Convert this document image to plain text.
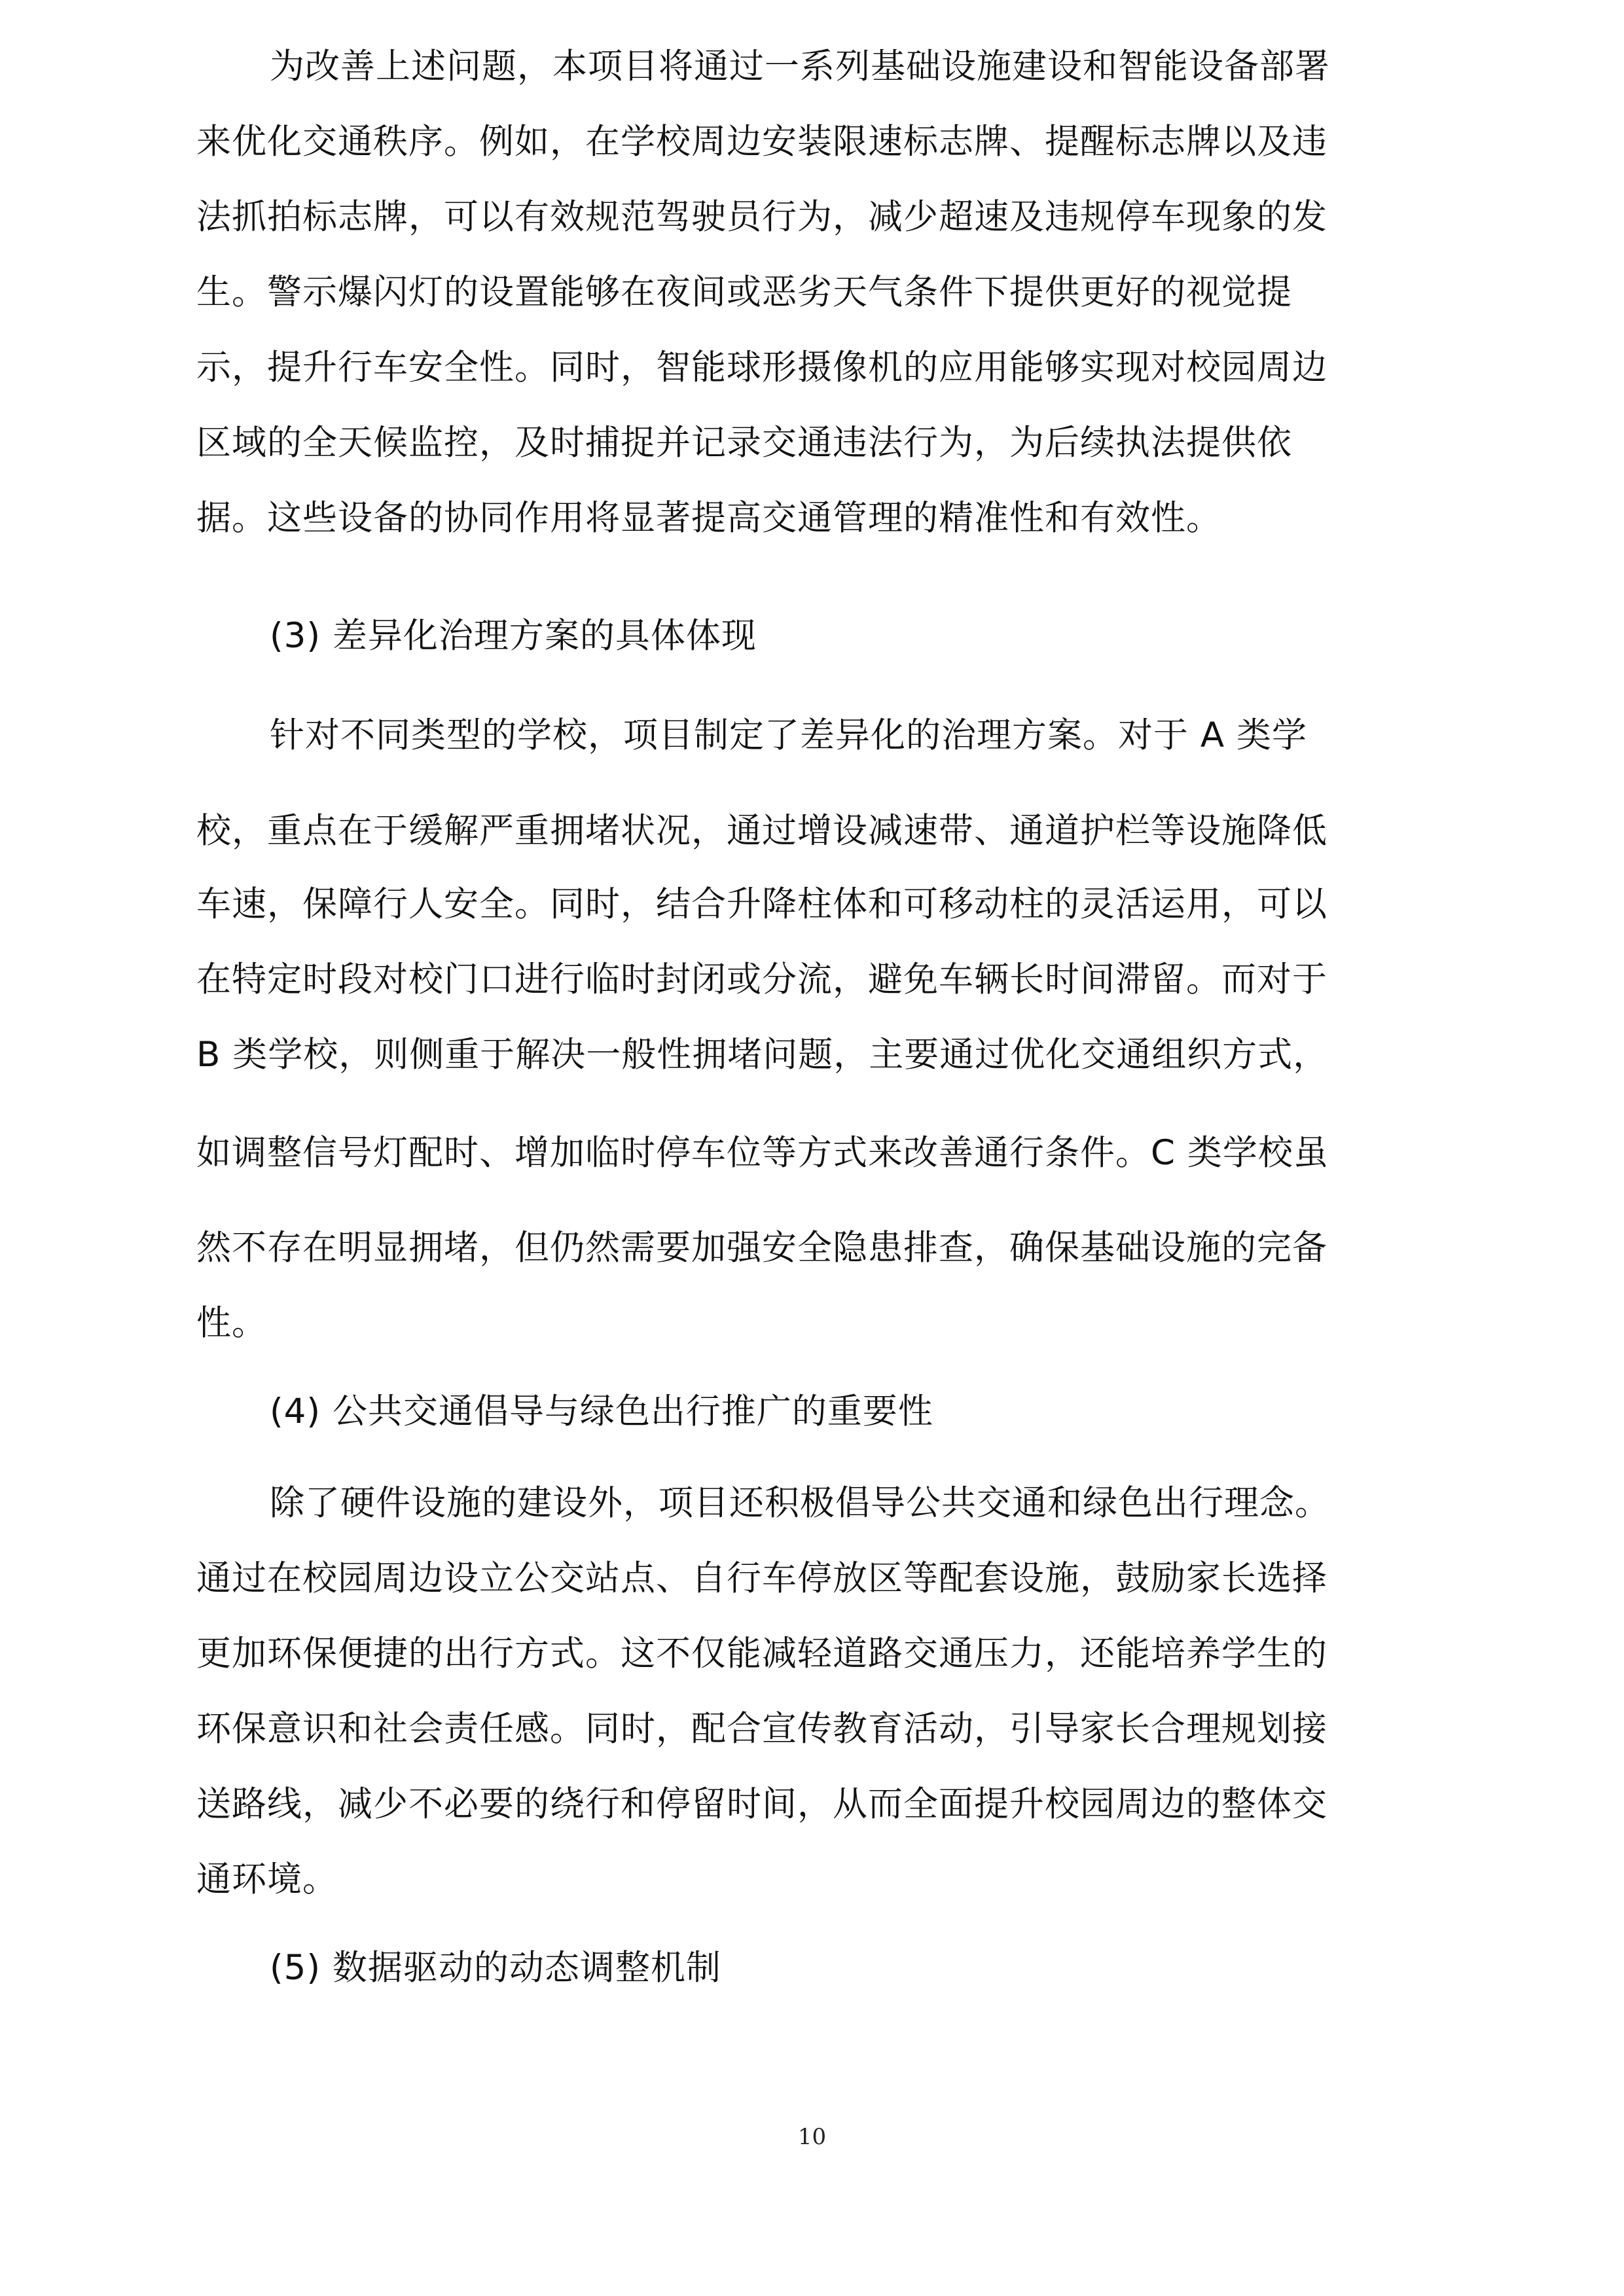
为改善上述问题，本项目将通过一系列基础设施建设和智能设备部署
来优化交通秩序。例如，在学校周边安装限速标志牌、提醒标志牌以及违
法抓拍标志牌，可以有效规范驾驶员行为，减少超速及违规停车现象的发
生。警示爆闪灯的设置能够在夜间或恶劣天气条件下提供更好的视觉提
示，提升行车安全性。同时，智能球形摄像机的应用能够实现对校园周边
区域的全天候监控，及时捕捉并记录交通违法行为，为后续执法提供依
据。这些设备的协同作用将显著提高交通管理的精准性和有效性。
(3) 差异化治理方案的具体体现
针对不同类型的学校，项目制定了差异化的治理方案。对于 A 类学
校，重点在于缓解严重拥堵状况，通过增设减速带、通道护栏等设施降低
车速，保障行人安全。同时，结合升降柱体和可移动柱的灵活运用，可以
在特定时段对校门口进行临时封闭或分流，避免车辆长时间滞留。而对于
B 类学校，则侧重于解决一般性拥堵问题，主要通过优化交通组织方式，
如调整信号灯配时、增加临时停车位等方式来改善通行条件。C 类学校虽
然不存在明显拥堵，但仍然需要加强安全隐患排查，确保基础设施的完备
性。
(4) 公共交通倡导与绿色出行推广的重要性
除了硬件设施的建设外，项目还积极倡导公共交通和绿色出行理念。
通过在校园周边设立公交站点、自行车停放区等配套设施，鼓励家长选择
更加环保便捷的出行方式。这不仅能减轻道路交通压力，还能培养学生的
环保意识和社会责任感。同时，配合宣传教育活动，引导家长合理规划接
送路线，减少不必要的绕行和停留时间，从而全面提升校园周边的整体交
通环境。
(5) 数据驱动的动态调整机制
10
